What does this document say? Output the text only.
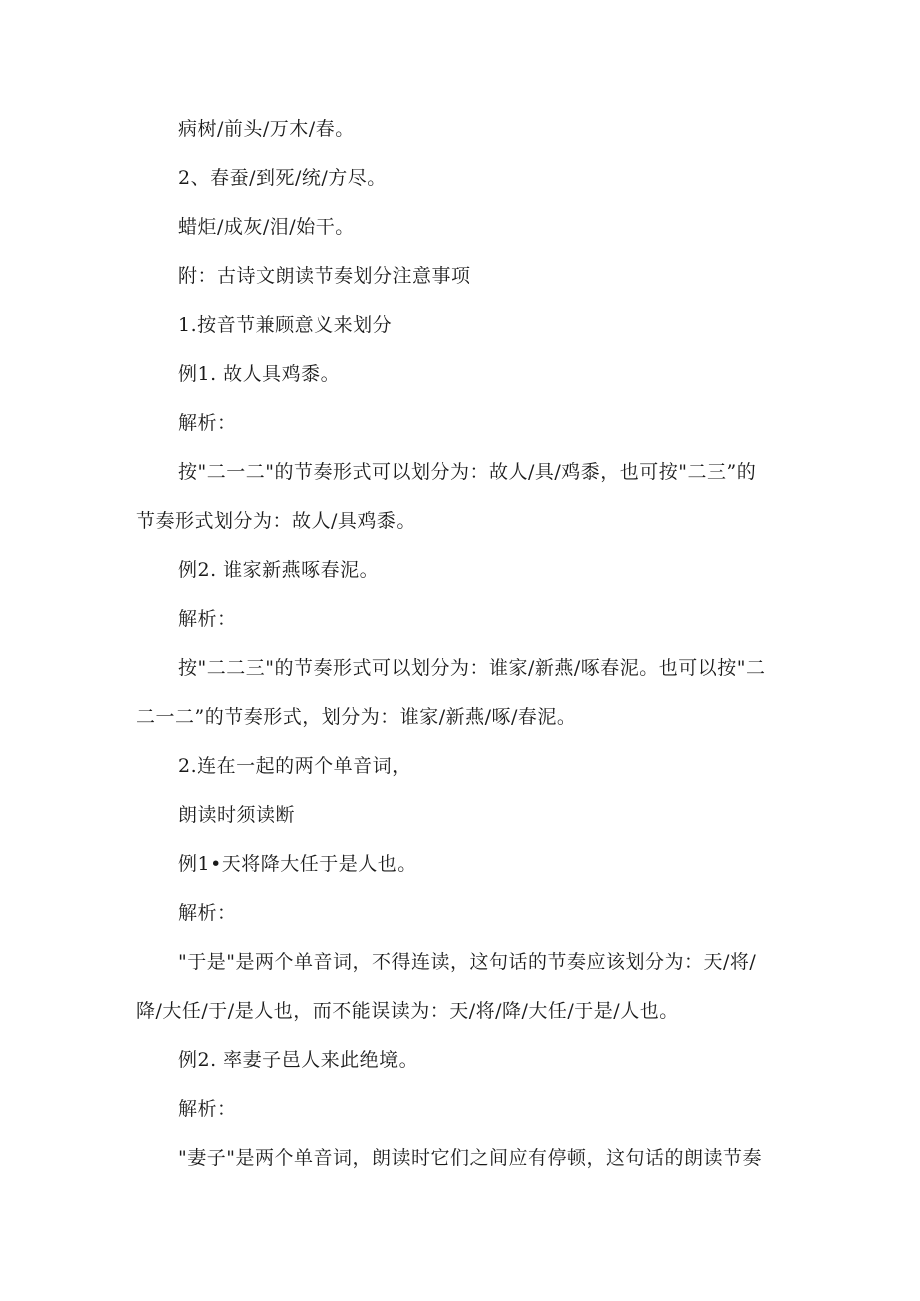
病树/前头/万木/春。
2、春蚕/到死/统/方尽。
蜡炬/成灰/泪/始干。
附：古诗文朗读节奏划分注意事项
1.按音节兼顾意义来划分
例1. 故人具鸡黍。
解析：
按"二一二"的节奏形式可以划分为：故人/具/鸡黍，也可按"二三”的
节奏形式划分为：故人/具鸡黍。
例2. 谁家新燕啄春泥。
解析：
按"二二三"的节奏形式可以划分为：谁家/新燕/啄春泥。也可以按"二
二一二”的节奏形式，划分为：谁家/新燕/啄/春泥。
2.连在一起的两个单音词，
朗读时须读断
例1•天将降大任于是人也。
解析：
"于是"是两个单音词，不得连读，这句话的节奏应该划分为：天/将/
降/大任/于/是人也，而不能误读为：天/将/降/大任/于是/人也。
例2. 率妻子邑人来此绝境。
解析：
"妻子"是两个单音词，朗读时它们之间应有停顿，这句话的朗读节奏
